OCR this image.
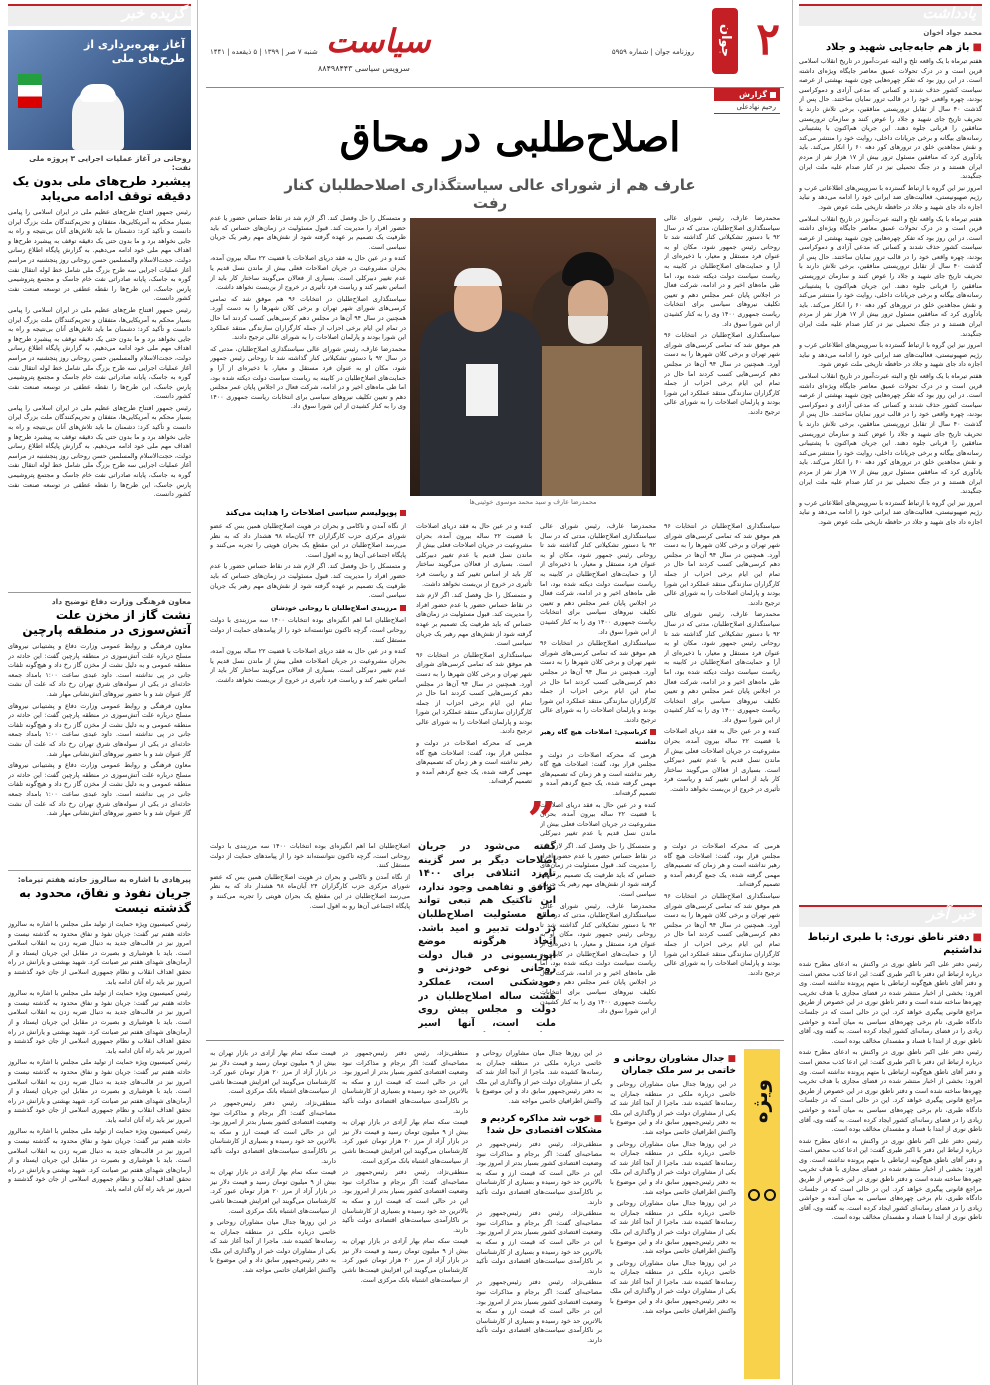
یادداشت
محمد جواد اخوان
■باز هم جابه‌جایی شهید و جلاد

هفتم تیرماه با یک واقعه تلخ و البته عبرت‌آموز در تاریخ انقلاب اسلامی قرین است و در درک تحولات عمیق معاصر جایگاه ویژه‌ای داشته است. در این روز بود که تفکر چهره‌هایی چون شهید بهشتی از عرصه سیاست کشور حذف شدند و کسانی که مدعی آزادی و دموکراسی بودند، چهره واقعی خود را در قالب ترور نمایان ساختند. حال پس از گذشت ۴۰ سال از تقابل تروریستی منافقین، برخی تلاش دارند با تحریف تاریخ جای شهید و جلاد را عوض کنند و سازمان تروریستی منافقین را قربانی جلوه دهند. این جریان هم‌اکنون با پشتیبانی رسانه‌های بیگانه و برخی جریانات داخلی، روایت خود را منتشر می‌کند و نقش مجاهدین خلق در ترورهای کور دهه ۶۰ را انکار می‌کند. باید یادآوری کرد که منافقین مسئول ترور بیش از ۱۷ هزار نفر از مردم ایران هستند و در جنگ تحمیلی نیز در کنار صدام علیه ملت ایران جنگیدند.

امروز نیز این گروه با ارتباط گسترده با سرویس‌های اطلاعاتی غرب و رژیم صهیونیستی، فعالیت‌های ضد ایرانی خود را ادامه می‌دهد و نباید اجازه داد جای شهید و جلاد در حافظه تاریخی ملت عوض شود.

هفتم تیرماه با یک واقعه تلخ و البته عبرت‌آموز در تاریخ انقلاب اسلامی قرین است و در درک تحولات عمیق معاصر جایگاه ویژه‌ای داشته است. در این روز بود که تفکر چهره‌هایی چون شهید بهشتی از عرصه سیاست کشور حذف شدند و کسانی که مدعی آزادی و دموکراسی بودند، چهره واقعی خود را در قالب ترور نمایان ساختند. حال پس از گذشت ۴۰ سال از تقابل تروریستی منافقین، برخی تلاش دارند با تحریف تاریخ جای شهید و جلاد را عوض کنند و سازمان تروریستی منافقین را قربانی جلوه دهند. این جریان هم‌اکنون با پشتیبانی رسانه‌های بیگانه و برخی جریانات داخلی، روایت خود را منتشر می‌کند و نقش مجاهدین خلق در ترورهای کور دهه ۶۰ را انکار می‌کند. باید یادآوری کرد که منافقین مسئول ترور بیش از ۱۷ هزار نفر از مردم ایران هستند و در جنگ تحمیلی نیز در کنار صدام علیه ملت ایران جنگیدند.

امروز نیز این گروه با ارتباط گسترده با سرویس‌های اطلاعاتی غرب و رژیم صهیونیستی، فعالیت‌های ضد ایرانی خود را ادامه می‌دهد و نباید اجازه داد جای شهید و جلاد در حافظه تاریخی ملت عوض شود.

هفتم تیرماه با یک واقعه تلخ و البته عبرت‌آموز در تاریخ انقلاب اسلامی قرین است و در درک تحولات عمیق معاصر جایگاه ویژه‌ای داشته است. در این روز بود که تفکر چهره‌هایی چون شهید بهشتی از عرصه سیاست کشور حذف شدند و کسانی که مدعی آزادی و دموکراسی بودند، چهره واقعی خود را در قالب ترور نمایان ساختند. حال پس از گذشت ۴۰ سال از تقابل تروریستی منافقین، برخی تلاش دارند با تحریف تاریخ جای شهید و جلاد را عوض کنند و سازمان تروریستی منافقین را قربانی جلوه دهند. این جریان هم‌اکنون با پشتیبانی رسانه‌های بیگانه و برخی جریانات داخلی، روایت خود را منتشر می‌کند و نقش مجاهدین خلق در ترورهای کور دهه ۶۰ را انکار می‌کند. باید یادآوری کرد که منافقین مسئول ترور بیش از ۱۷ هزار نفر از مردم ایران هستند و در جنگ تحمیلی نیز در کنار صدام علیه ملت ایران جنگیدند.

امروز نیز این گروه با ارتباط گسترده با سرویس‌های اطلاعاتی غرب و رژیم صهیونیستی، فعالیت‌های ضد ایرانی خود را ادامه می‌دهد و نباید اجازه داد جای شهید و جلاد در حافظه تاریخی ملت عوض شود.

خبر آخر
■دفتر ناطق نوری: با طبری ارتباط نداشتیم

رئیس دفتر علی اکبر ناطق نوری در واکنش به ادعای مطرح شده درباره ارتباط این دفتر با اکبر طبری گفت: این ادعا کذب محض است و دفتر آقای ناطق هیچ‌گونه ارتباطی با متهم پرونده نداشته است. وی افزود: بخشی از اخبار منتشر شده در فضای مجازی با هدف تخریب چهره‌ها ساخته شده است و دفتر ناطق نوری در این خصوص از طریق مراجع قانونی پیگیری خواهد کرد. این در حالی است که در جلسات دادگاه طبری، نام برخی چهره‌های سیاسی به میان آمده و حواشی زیادی را در فضای رسانه‌ای کشور ایجاد کرده است. به گفته وی، آقای ناطق نوری از ابتدا با فساد و مفسدان مخالف بوده است.

رئیس دفتر علی اکبر ناطق نوری در واکنش به ادعای مطرح شده درباره ارتباط این دفتر با اکبر طبری گفت: این ادعا کذب محض است و دفتر آقای ناطق هیچ‌گونه ارتباطی با متهم پرونده نداشته است. وی افزود: بخشی از اخبار منتشر شده در فضای مجازی با هدف تخریب چهره‌ها ساخته شده است و دفتر ناطق نوری در این خصوص از طریق مراجع قانونی پیگیری خواهد کرد. این در حالی است که در جلسات دادگاه طبری، نام برخی چهره‌های سیاسی به میان آمده و حواشی زیادی را در فضای رسانه‌ای کشور ایجاد کرده است. به گفته وی، آقای ناطق نوری از ابتدا با فساد و مفسدان مخالف بوده است.

رئیس دفتر علی اکبر ناطق نوری در واکنش به ادعای مطرح شده درباره ارتباط این دفتر با اکبر طبری گفت: این ادعا کذب محض است و دفتر آقای ناطق هیچ‌گونه ارتباطی با متهم پرونده نداشته است. وی افزود: بخشی از اخبار منتشر شده در فضای مجازی با هدف تخریب چهره‌ها ساخته شده است و دفتر ناطق نوری در این خصوص از طریق مراجع قانونی پیگیری خواهد کرد. این در حالی است که در جلسات دادگاه طبری، نام برخی چهره‌های سیاسی به میان آمده و حواشی زیادی را در فضای رسانه‌ای کشور ایجاد کرده است. به گفته وی، آقای ناطق نوری از ابتدا با فساد و مفسدان مخالف بوده است.

گزیده خبر
آغاز بهره‌برداری از طرح‌های ملی
روحانی در آغاز عملیات اجرایی ۳ پروژه ملی نفت:
پیشبرد طرح‌های ملی بدون یک دقیقه توقف ادامه می‌یابد

رئیس جمهور افتتاح طرح‌های عظیم ملی در ایران اسلامی را پیامی بسیار محکم به آمریکایی‌ها، متفقان و تحریم‌کنندگان ملت بزرگ ایران دانست و تأکید کرد: دشمنان ما باید تلاش‌های آنان بی‌نتیجه و راه به جایی نخواهد برد و ما بدون حتی یک دقیقه توقف به پیشبرد طرح‌ها و اهداف مهم ملی خود ادامه می‌دهیم. به گزارش پایگاه اطلاع رسانی دولت، حجت‌الاسلام والمسلمین حسن روحانی روز پنجشنبه در مراسم آغاز عملیات اجرایی سه طرح بزرگ ملی شامل خط لوله انتقال نفت گوره به جاسک، پایانه صادراتی نفت خام جاسک و مجتمع پتروشیمی پارس جاسک، این طرح‌ها را نقطه عطفی در توسعه صنعت نفت کشور دانست.

رئیس جمهور افتتاح طرح‌های عظیم ملی در ایران اسلامی را پیامی بسیار محکم به آمریکایی‌ها، متفقان و تحریم‌کنندگان ملت بزرگ ایران دانست و تأکید کرد: دشمنان ما باید تلاش‌های آنان بی‌نتیجه و راه به جایی نخواهد برد و ما بدون حتی یک دقیقه توقف به پیشبرد طرح‌ها و اهداف مهم ملی خود ادامه می‌دهیم. به گزارش پایگاه اطلاع رسانی دولت، حجت‌الاسلام والمسلمین حسن روحانی روز پنجشنبه در مراسم آغاز عملیات اجرایی سه طرح بزرگ ملی شامل خط لوله انتقال نفت گوره به جاسک، پایانه صادراتی نفت خام جاسک و مجتمع پتروشیمی پارس جاسک، این طرح‌ها را نقطه عطفی در توسعه صنعت نفت کشور دانست.

رئیس جمهور افتتاح طرح‌های عظیم ملی در ایران اسلامی را پیامی بسیار محکم به آمریکایی‌ها، متفقان و تحریم‌کنندگان ملت بزرگ ایران دانست و تأکید کرد: دشمنان ما باید تلاش‌های آنان بی‌نتیجه و راه به جایی نخواهد برد و ما بدون حتی یک دقیقه توقف به پیشبرد طرح‌ها و اهداف مهم ملی خود ادامه می‌دهیم. به گزارش پایگاه اطلاع رسانی دولت، حجت‌الاسلام والمسلمین حسن روحانی روز پنجشنبه در مراسم آغاز عملیات اجرایی سه طرح بزرگ ملی شامل خط لوله انتقال نفت گوره به جاسک، پایانه صادراتی نفت خام جاسک و مجتمع پتروشیمی پارس جاسک، این طرح‌ها را نقطه عطفی در توسعه صنعت نفت کشور دانست.

معاون فرهنگی وزارت دفاع توضیح داد
نشت گاز از مخزن علت آتش‌سوزی در منطقه پارچین

معاون فرهنگی و روابط عمومی وزارت دفاع و پشتیبانی نیروهای مسلح درباره علت آتش‌سوزی در منطقه پارچین گفت: این حادثه در منطقه عمومی و به دلیل نشت از مخزن گاز رخ داد و هیچ‌گونه تلفات جانی در پی نداشته است. داود عبدی ساعت ۱:۰۰ بامداد جمعه حادثه‌ای در یکی از سوله‌های شرق تهران رخ داد که علت آن نشت گاز عنوان شد و با حضور نیروهای آتش‌نشانی مهار شد.

معاون فرهنگی و روابط عمومی وزارت دفاع و پشتیبانی نیروهای مسلح درباره علت آتش‌سوزی در منطقه پارچین گفت: این حادثه در منطقه عمومی و به دلیل نشت از مخزن گاز رخ داد و هیچ‌گونه تلفات جانی در پی نداشته است. داود عبدی ساعت ۱:۰۰ بامداد جمعه حادثه‌ای در یکی از سوله‌های شرق تهران رخ داد که علت آن نشت گاز عنوان شد و با حضور نیروهای آتش‌نشانی مهار شد.

معاون فرهنگی و روابط عمومی وزارت دفاع و پشتیبانی نیروهای مسلح درباره علت آتش‌سوزی در منطقه پارچین گفت: این حادثه در منطقه عمومی و به دلیل نشت از مخزن گاز رخ داد و هیچ‌گونه تلفات جانی در پی نداشته است. داود عبدی ساعت ۱:۰۰ بامداد جمعه حادثه‌ای در یکی از سوله‌های شرق تهران رخ داد که علت آن نشت گاز عنوان شد و با حضور نیروهای آتش‌نشانی مهار شد.

پیرهادی با اشاره به سالروز حادثه هفتم تیرماه:
جریان نفوذ و نفاق، محدود به گذشته نیست

رئیس کمیسیون ویژه حمایت از تولید ملی مجلس با اشاره به سالروز حادثه هفتم تیر گفت: جریان نفوذ و نفاق محدود به گذشته نیست و امروز نیز در قالب‌های جدید به دنبال ضربه زدن به انقلاب اسلامی است. باید با هوشیاری و بصیرت در مقابل این جریان ایستاد و از آرمان‌های شهدای هفتم تیر صیانت کرد. شهید بهشتی و یارانش در راه تحقق اهداف انقلاب و نظام جمهوری اسلامی از جان خود گذشتند و امروز نیز باید راه آنان ادامه یابد.

رئیس کمیسیون ویژه حمایت از تولید ملی مجلس با اشاره به سالروز حادثه هفتم تیر گفت: جریان نفوذ و نفاق محدود به گذشته نیست و امروز نیز در قالب‌های جدید به دنبال ضربه زدن به انقلاب اسلامی است. باید با هوشیاری و بصیرت در مقابل این جریان ایستاد و از آرمان‌های شهدای هفتم تیر صیانت کرد. شهید بهشتی و یارانش در راه تحقق اهداف انقلاب و نظام جمهوری اسلامی از جان خود گذشتند و امروز نیز باید راه آنان ادامه یابد.

رئیس کمیسیون ویژه حمایت از تولید ملی مجلس با اشاره به سالروز حادثه هفتم تیر گفت: جریان نفوذ و نفاق محدود به گذشته نیست و امروز نیز در قالب‌های جدید به دنبال ضربه زدن به انقلاب اسلامی است. باید با هوشیاری و بصیرت در مقابل این جریان ایستاد و از آرمان‌های شهدای هفتم تیر صیانت کرد. شهید بهشتی و یارانش در راه تحقق اهداف انقلاب و نظام جمهوری اسلامی از جان خود گذشتند و امروز نیز باید راه آنان ادامه یابد.

رئیس کمیسیون ویژه حمایت از تولید ملی مجلس با اشاره به سالروز حادثه هفتم تیر گفت: جریان نفوذ و نفاق محدود به گذشته نیست و امروز نیز در قالب‌های جدید به دنبال ضربه زدن به انقلاب اسلامی است. باید با هوشیاری و بصیرت در مقابل این جریان ایستاد و از آرمان‌های شهدای هفتم تیر صیانت کرد. شهید بهشتی و یارانش در راه تحقق اهداف انقلاب و نظام جمهوری اسلامی از جان خود گذشتند و امروز نیز باید راه آنان ادامه یابد.

۲
جوان
سیاست
سرویس سیاسی ۸۸۴۹۸۴۴۳
روزنامه جوان | شماره ۵۹۵۹
ﺷﻨﺒﻪ ۷ ﺻﺮ | ۱۳۹۹ | ۵ ذیقعده | ۱۴۴۱
گزارش
رحیم نهادعلی
اصلاح‌طلبی در محاق
عارف هم از شورای عالی سیاستگذاری اصلاحطلبان کنار رفت

محمدرضا عارف، رئیس شورای عالی سیاستگذاری اصلاح‌طلبان، مدتی که در سال ۹۲ با دستور تشکیلاتی کنار گذاشته شد تا روحانی رئیس جمهور شود، مکان او به عنوان فرد مستقل و معیار، با ذخیره‌ای از آرا و حمایت‌های اصلاح‌طلبان در کابینه به ریاست سیاست دولت دیکته شده بود، اما طی ماه‌های اخیر و در ادامه، شرکت فعال در اجلاس پایان عمر مجلس دهم و تعیین تکلیف نیروهای سیاسی برای انتخابات ریاست جمهوری ۱۴۰۰ وی را به کنار کشیدن از این شورا سوق داد.

سیاستگذاری اصلاح‌طلبان در انتخابات ۹۶ هم موفق شد که تمامی کرسی‌های شورای شهر تهران و برخی کلان شهرها را به دست آورد. همچنین در سال ۹۴ آن‌ها در مجلس دهم کرسی‌هایی کسب کردند اما حال در تمام این ایام برخی احزاب از جمله کارگزاران سازندگی منتقد عملکرد این شورا بودند و پارلمان اصلاحات را به شورای عالی ترجیح دادند.

محمدرضا عارف و سید محمد موسوی خوئینی‌ها

و متمسکل را حل وفصل کند. اگر لازم شد در نقاط حساس حضور یا عدم حضور افراد را مدیریت کند. قبول مسئولیت در زمان‌های حساس که باید طرفیت یک تصمیم بر عهده گرفته شود از نقش‌های مهم رهبر یک جریان سیاسی است.

کنده و در عین حال به فقد دریای اصلاحات با قضیت ۲۲ ساله بیرون آمده، بحران مشروعیت در جریان اصلاحات فعلی بیش از ماندن نسل قدیم یا عدم تغییر دبیرکلی است. بسیاری از فعالان می‌گویند ساختار کار باید از اساس تغییر کند و ریاست فرد تأثیری در خروج از بن‌بست نخواهد داشت.

سیاستگذاری اصلاح‌طلبان در انتخابات ۹۶ هم موفق شد که تمامی کرسی‌های شورای شهر تهران و برخی کلان شهرها را به دست آورد. همچنین در سال ۹۴ آن‌ها در مجلس دهم کرسی‌هایی کسب کردند اما حال در تمام این ایام برخی احزاب از جمله کارگزاران سازندگی منتقد عملکرد این شورا بودند و پارلمان اصلاحات را به شورای عالی ترجیح دادند.

محمدرضا عارف، رئیس شورای عالی سیاستگذاری اصلاح‌طلبان، مدتی که در سال ۹۲ با دستور تشکیلاتی کنار گذاشته شد تا روحانی رئیس جمهور شود، مکان او به عنوان فرد مستقل و معیار، با ذخیره‌ای از آرا و حمایت‌های اصلاح‌طلبان در کابینه به ریاست سیاست دولت دیکته شده بود، اما طی ماه‌های اخیر و در ادامه، شرکت فعال در اجلاس پایان عمر مجلس دهم و تعیین تکلیف نیروهای سیاسی برای انتخابات ریاست جمهوری ۱۴۰۰ وی را به کنار کشیدن از این شورا سوق داد.

پوپولیسم سیاسی اصلاحات را هدایت می‌کند

سیاستگذاری اصلاح‌طلبان در انتخابات ۹۶ هم موفق شد که تمامی کرسی‌های شورای شهر تهران و برخی کلان شهرها را به دست آورد. همچنین در سال ۹۴ آن‌ها در مجلس دهم کرسی‌هایی کسب کردند اما حال در تمام این ایام برخی احزاب از جمله کارگزاران سازندگی منتقد عملکرد این شورا بودند و پارلمان اصلاحات را به شورای عالی ترجیح دادند.

محمدرضا عارف، رئیس شورای عالی سیاستگذاری اصلاح‌طلبان، مدتی که در سال ۹۲ با دستور تشکیلاتی کنار گذاشته شد تا روحانی رئیس جمهور شود، مکان او به عنوان فرد مستقل و معیار، با ذخیره‌ای از آرا و حمایت‌های اصلاح‌طلبان در کابینه به ریاست سیاست دولت دیکته شده بود، اما طی ماه‌های اخیر و در ادامه، شرکت فعال در اجلاس پایان عمر مجلس دهم و تعیین تکلیف نیروهای سیاسی برای انتخابات ریاست جمهوری ۱۴۰۰ وی را به کنار کشیدن از این شورا سوق داد.

کنده و در عین حال به فقد دریای اصلاحات با قضیت ۲۲ ساله بیرون آمده، بحران مشروعیت در جریان اصلاحات فعلی بیش از ماندن نسل قدیم یا عدم تغییر دبیرکلی است. بسیاری از فعالان می‌گویند ساختار کار باید از اساس تغییر کند و ریاست فرد تأثیری در خروج از بن‌بست نخواهد داشت.

محمدرضا عارف، رئیس شورای عالی سیاستگذاری اصلاح‌طلبان، مدتی که در سال ۹۲ با دستور تشکیلاتی کنار گذاشته شد تا روحانی رئیس جمهور شود، مکان او به عنوان فرد مستقل و معیار، با ذخیره‌ای از آرا و حمایت‌های اصلاح‌طلبان در کابینه به ریاست سیاست دولت دیکته شده بود، اما طی ماه‌های اخیر و در ادامه، شرکت فعال در اجلاس پایان عمر مجلس دهم و تعیین تکلیف نیروهای سیاسی برای انتخابات ریاست جمهوری ۱۴۰۰ وی را به کنار کشیدن از این شورا سوق داد.

سیاستگذاری اصلاح‌طلبان در انتخابات ۹۶ هم موفق شد که تمامی کرسی‌های شورای شهر تهران و برخی کلان شهرها را به دست آورد. همچنین در سال ۹۴ آن‌ها در مجلس دهم کرسی‌هایی کسب کردند اما حال در تمام این ایام برخی احزاب از جمله کارگزاران سازندگی منتقد عملکرد این شورا بودند و پارلمان اصلاحات را به شورای عالی ترجیح دادند.

کرباسچی: اصلاحات هیچ گاه رهبر نداشته

هرمی که محرکه اصلاحات در دولت و مجلس قرار بود، گفت: اصلاحات هیچ گاه رهبر نداشته است و هر زمان که تصمیم‌های مهمی گرفته شده، یک جمع گردهم آمده و تصمیم گرفته‌اند.

کنده و در عین حال به فقد دریای اصلاحات با قضیت ۲۲ ساله بیرون آمده، بحران مشروعیت در جریان اصلاحات فعلی بیش از ماندن نسل قدیم یا عدم تغییر دبیرکلی

کنده و در عین حال به فقد دریای اصلاحات با قضیت ۲۲ ساله بیرون آمده، بحران مشروعیت در جریان اصلاحات فعلی بیش از ماندن نسل قدیم یا عدم تغییر دبیرکلی است. بسیاری از فعالان می‌گویند ساختار کار باید از اساس تغییر کند و ریاست فرد تأثیری در خروج از بن‌بست نخواهد داشت.

و متمسکل را حل وفصل کند. اگر لازم شد در نقاط حساس حضور یا عدم حضور افراد را مدیریت کند. قبول مسئولیت در زمان‌های حساس که باید طرفیت یک تصمیم بر عهده گرفته شود از نقش‌های مهم رهبر یک جریان سیاسی است.

سیاستگذاری اصلاح‌طلبان در انتخابات ۹۶ هم موفق شد که تمامی کرسی‌های شورای شهر تهران و برخی کلان شهرها را به دست آورد. همچنین در سال ۹۴ آن‌ها در مجلس دهم کرسی‌هایی کسب کردند اما حال در تمام این ایام برخی احزاب از جمله کارگزاران سازندگی منتقد عملکرد این شورا بودند و پارلمان اصلاحات را به شورای عالی ترجیح دادند.

هرمی که محرکه اصلاحات در دولت و مجلس قرار بود، گفت: اصلاحات هیچ گاه رهبر نداشته است و هر زمان که تصمیم‌های مهمی گرفته شده، یک جمع گردهم آمده و تصمیم گرفته‌اند.

از نگاه آمدن و ناکامی و بحران در هویت اصلاح‌طلبان همین بس که عضو شورای مرکزی حزب کارگزاران ۲۴ آبان‌ماه ۹۸ هشدار داد که به نظر می‌رسد اصلاح‌طلبان در این مقطع یک بحران هویتی را تجربه می‌کنند و پایگاه اجتماعی آن‌ها رو به افول است.

و متمسکل را حل وفصل کند. اگر لازم شد در نقاط حساس حضور یا عدم حضور افراد را مدیریت کند. قبول مسئولیت در زمان‌های حساس که باید طرفیت یک تصمیم بر عهده گرفته شود از نقش‌های مهم رهبر یک جریان سیاسی است.

مرزبندی اصلاح‌طلبان با روحانی خودشان

اصلاح‌طلبان اما اهم انگیزه‌ای بوده انتخابات ۱۴۰۰ سه مرزبندی با دولت روحانی است، گرچه تاکنون نتوانسته‌اند خود را از پیامدهای حمایت از دولت مستقل کنند.

کنده و در عین حال به فقد دریای اصلاحات با قضیت ۲۲ ساله بیرون آمده، بحران مشروعیت در جریان اصلاحات فعلی بیش از ماندن نسل قدیم یا عدم تغییر دبیرکلی است. بسیاری از فعالان می‌گویند ساختار کار باید از اساس تغییر کند و ریاست فرد تأثیری در خروج از بن‌بست نخواهد داشت.

”
گفته می‌شود در جریان اصلاحات دیگر بر سر گزینه تام‌زد ائتلافی برای ۱۴۰۰ توافق و تفاهمی وجود ندارد، این تاکتیک هم تبعی تواند مانع مسئولیت اصلاح‌طلبان در دولت تدبیر و امید باشد. اتخاذ هرگونه موضع اپوزیسیونی در قبال دولت روحانی نوعی خودزنی و خودشکنی است، عملکرد هشت ساله اصلاح‌طلبان در دولت و مجلس پیش روی ملت است، آنها اسیر

هرمی که محرکه اصلاحات در دولت و مجلس قرار بود، گفت: اصلاحات هیچ گاه رهبر نداشته است و هر زمان که تصمیم‌های مهمی گرفته شده، یک جمع گردهم آمده و تصمیم گرفته‌اند.

سیاستگذاری اصلاح‌طلبان در انتخابات ۹۶ هم موفق شد که تمامی کرسی‌های شورای شهر تهران و برخی کلان شهرها را به دست آورد. همچنین در سال ۹۴ آن‌ها در مجلس دهم کرسی‌هایی کسب کردند اما حال در تمام این ایام برخی احزاب از جمله کارگزاران سازندگی منتقد عملکرد این شورا بودند و پارلمان اصلاحات را به شورای عالی ترجیح دادند.

و متمسکل را حل وفصل کند. اگر لازم شد در نقاط حساس حضور یا عدم حضور افراد را مدیریت کند. قبول مسئولیت در زمان‌های حساس که باید طرفیت یک تصمیم بر عهده گرفته شود از نقش‌های مهم رهبر یک جریان سیاسی است.

محمدرضا عارف، رئیس شورای عالی سیاستگذاری اصلاح‌طلبان، مدتی که در سال ۹۲ با دستور تشکیلاتی کنار گذاشته شد تا روحانی رئیس جمهور شود، مکان او به عنوان فرد مستقل و معیار، با ذخیره‌ای از آرا و حمایت‌های اصلاح‌طلبان در کابینه به ریاست سیاست دولت دیکته شده بود، اما طی ماه‌های اخیر و در ادامه، شرکت فعال در اجلاس پایان عمر مجلس دهم و تعیین تکلیف نیروهای سیاسی برای انتخابات ریاست جمهوری ۱۴۰۰ وی را به کنار کشیدن از این شورا سوق داد.

اصلاح‌طلبان اما اهم انگیزه‌ای بوده انتخابات ۱۴۰۰ سه مرزبندی با دولت روحانی است، گرچه تاکنون نتوانسته‌اند خود را از پیامدهای حمایت از دولت مستقل کنند.

از نگاه آمدن و ناکامی و بحران در هویت اصلاح‌طلبان همین بس که عضو شورای مرکزی حزب کارگزاران ۲۴ آبان‌ماه ۹۸ هشدار داد که به نظر می‌رسد اصلاح‌طلبان در این مقطع یک بحران هویتی را تجربه می‌کنند و پایگاه اجتماعی آن‌ها رو به افول است.

ویژه
■جدال مشاوران روحانی و خاتمی بر سر ملک جماران

در این روزها جدال میان مشاوران روحانی و خاتمی درباره ملکی در منطقه جماران به رسانه‌ها کشیده شد. ماجرا از آنجا آغاز شد که یکی از مشاوران دولت خبر از واگذاری این ملک به دفتر رئیس‌جمهور سابق داد و این موضوع با واکنش اطرافیان خاتمی مواجه شد.

در این روزها جدال میان مشاوران روحانی و خاتمی درباره ملکی در منطقه جماران به رسانه‌ها کشیده شد. ماجرا از آنجا آغاز شد که یکی از مشاوران دولت خبر از واگذاری این ملک به دفتر رئیس‌جمهور سابق داد و این موضوع با واکنش اطرافیان خاتمی مواجه شد.

در این روزها جدال میان مشاوران روحانی و خاتمی درباره ملکی در منطقه جماران به رسانه‌ها کشیده شد. ماجرا از آنجا آغاز شد که یکی از مشاوران دولت خبر از واگذاری این ملک به دفتر رئیس‌جمهور سابق داد و این موضوع با واکنش اطرافیان خاتمی مواجه شد.

در این روزها جدال میان مشاوران روحانی و خاتمی درباره ملکی در منطقه جماران به رسانه‌ها کشیده شد. ماجرا از آنجا آغاز شد که یکی از مشاوران دولت خبر از واگذاری این ملک به دفتر رئیس‌جمهور سابق داد و این موضوع با واکنش اطرافیان خاتمی مواجه شد.

در این روزها جدال میان مشاوران روحانی و خاتمی درباره ملکی در منطقه جماران به رسانه‌ها کشیده شد. ماجرا از آنجا آغاز شد که یکی از مشاوران دولت خبر از واگذاری این ملک به دفتر رئیس‌جمهور سابق داد و این موضوع با واکنش اطرافیان خاتمی مواجه شد.

■خوب شد مذاکره کردیم و مشکلات اقتصادی حل شد!

منطقی‌نژاد، رئیس دفتر رئیس‌جمهور در مصاحبه‌ای گفت: اگر برجام و مذاکرات نبود وضعیت اقتصادی کشور بسیار بدتر از امروز بود. این در حالی است که قیمت ارز و سکه به بالاترین حد خود رسیده و بسیاری از کارشناسان بر ناکارآمدی سیاست‌های اقتصادی دولت تأکید دارند.

منطقی‌نژاد، رئیس دفتر رئیس‌جمهور در مصاحبه‌ای گفت: اگر برجام و مذاکرات نبود وضعیت اقتصادی کشور بسیار بدتر از امروز بود. این در حالی است که قیمت ارز و سکه به بالاترین حد خود رسیده و بسیاری از کارشناسان بر ناکارآمدی سیاست‌های اقتصادی دولت تأکید دارند.

منطقی‌نژاد، رئیس دفتر رئیس‌جمهور در مصاحبه‌ای گفت: اگر برجام و مذاکرات نبود وضعیت اقتصادی کشور بسیار بدتر از امروز بود. این در حالی است که قیمت ارز و سکه به بالاترین حد خود رسیده و بسیاری از کارشناسان بر ناکارآمدی سیاست‌های اقتصادی دولت تأکید دارند.

منطقی‌نژاد، رئیس دفتر رئیس‌جمهور در مصاحبه‌ای گفت: اگر برجام و مذاکرات نبود وضعیت اقتصادی کشور بسیار بدتر از امروز بود. این در حالی است که قیمت ارز و سکه به بالاترین حد خود رسیده و بسیاری از کارشناسان بر ناکارآمدی سیاست‌های اقتصادی دولت تأکید دارند.

قیمت سکه تمام بهار آزادی در بازار تهران به بیش از ۹ میلیون تومان رسید و قیمت دلار نیز در بازار آزاد از مرز ۲۰ هزار تومان عبور کرد. کارشناسان می‌گویند این افزایش قیمت‌ها ناشی از سیاست‌های اشتباه بانک مرکزی است.

منطقی‌نژاد، رئیس دفتر رئیس‌جمهور در مصاحبه‌ای گفت: اگر برجام و مذاکرات نبود وضعیت اقتصادی کشور بسیار بدتر از امروز بود. این در حالی است که قیمت ارز و سکه به بالاترین حد خود رسیده و بسیاری از کارشناسان بر ناکارآمدی سیاست‌های اقتصادی دولت تأکید دارند.

قیمت سکه تمام بهار آزادی در بازار تهران به بیش از ۹ میلیون تومان رسید و قیمت دلار نیز در بازار آزاد از مرز ۲۰ هزار تومان عبور کرد. کارشناسان می‌گویند این افزایش قیمت‌ها ناشی از سیاست‌های اشتباه بانک مرکزی است.

قیمت سکه تمام بهار آزادی در بازار تهران به بیش از ۹ میلیون تومان رسید و قیمت دلار نیز در بازار آزاد از مرز ۲۰ هزار تومان عبور کرد. کارشناسان می‌گویند این افزایش قیمت‌ها ناشی از سیاست‌های اشتباه بانک مرکزی است.

منطقی‌نژاد، رئیس دفتر رئیس‌جمهور در مصاحبه‌ای گفت: اگر برجام و مذاکرات نبود وضعیت اقتصادی کشور بسیار بدتر از امروز بود. این در حالی است که قیمت ارز و سکه به بالاترین حد خود رسیده و بسیاری از کارشناسان بر ناکارآمدی سیاست‌های اقتصادی دولت تأکید دارند.

قیمت سکه تمام بهار آزادی در بازار تهران به بیش از ۹ میلیون تومان رسید و قیمت دلار نیز در بازار آزاد از مرز ۲۰ هزار تومان عبور کرد. کارشناسان می‌گویند این افزایش قیمت‌ها ناشی از سیاست‌های اشتباه بانک مرکزی است.

در این روزها جدال میان مشاوران روحانی و خاتمی درباره ملکی در منطقه جماران به رسانه‌ها کشیده شد. ماجرا از آنجا آغاز شد که یکی از مشاوران دولت خبر از واگذاری این ملک به دفتر رئیس‌جمهور سابق داد و این موضوع با واکنش اطرافیان خاتمی مواجه شد.
